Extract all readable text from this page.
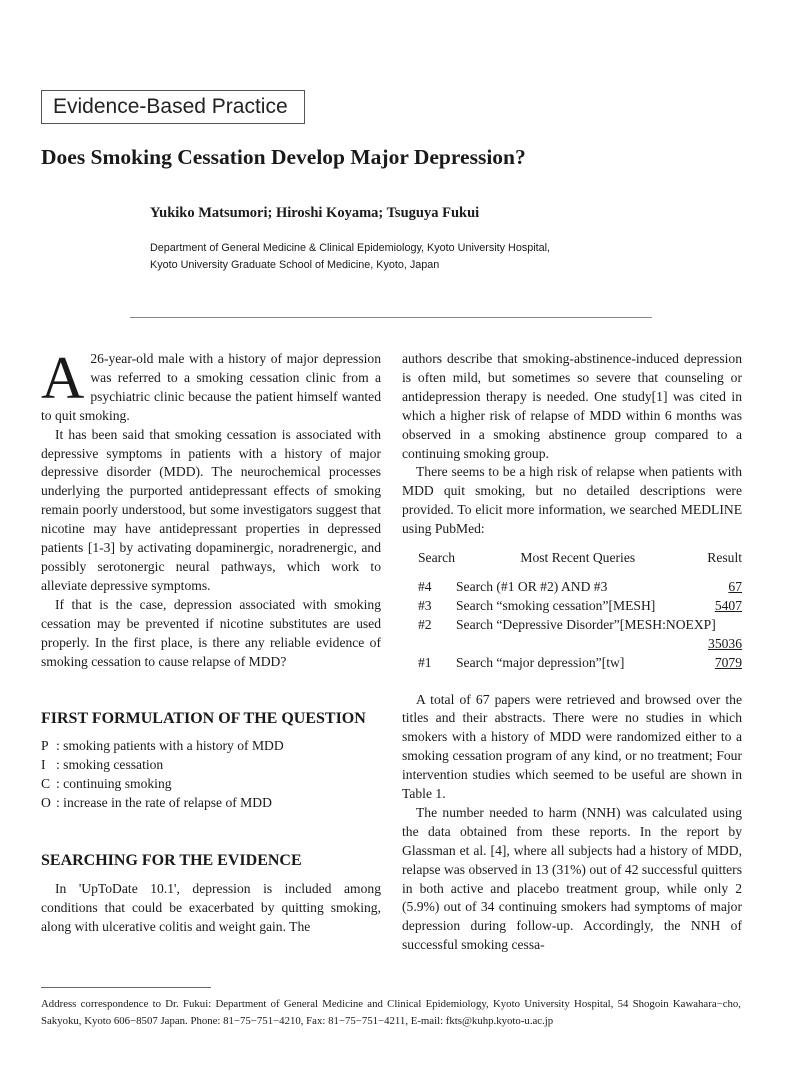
Evidence-Based Practice
Does Smoking Cessation Develop Major Depression?
Yukiko Matsumori; Hiroshi Koyama; Tsuguya Fukui
Department of General Medicine & Clinical Epidemiology, Kyoto University Hospital,
Kyoto University Graduate School of Medicine, Kyoto, Japan

A 26-year-old male with a history of major depression was referred to a smoking cessation clinic from a psychiatric clinic because the patient himself wanted to quit smoking.

It has been said that smoking cessation is associated with depressive symptoms in patients with a history of major depressive disorder (MDD). The neurochemical processes underlying the purported antidepressant effects of smoking remain poorly understood, but some investigators suggest that nicotine may have antidepressant properties in depressed patients [1-3] by activating dopaminergic, noradrenergic, and possibly serotonergic neural pathways, which work to alleviate depressive symptoms.

If that is the case, depression associated with smoking cessation may be prevented if nicotine substitutes are used properly. In the first place, is there any reliable evidence of smoking cessation to cause relapse of MDD?

FIRST FORMULATION OF THE QUESTION
P : smoking patients with a history of MDD
I : smoking cessation
C : continuing smoking
O : increase in the rate of relapse of MDD
SEARCHING FOR THE EVIDENCE

In 'UpToDate 10.1', depression is included among conditions that could be exacerbated by quitting smoking, along with ulcerative colitis and weight gain. The

authors describe that smoking-abstinence-induced depression is often mild, but sometimes so severe that counseling or antidepression therapy is needed. One study[1] was cited in which a higher risk of relapse of MDD within 6 months was observed in a smoking abstinence group compared to a continuing smoking group.

There seems to be a high risk of relapse when patients with MDD quit smoking, but no detailed descriptions were provided. To elicit more information, we searched MEDLINE using PubMed:

Search	Most Recent Queries	Result
#4	Search (#1 OR #2) AND #3	67
#3	Search “smoking cessation”[MESH]	5407
#2	Search “Depressive Disorder”[MESH:NOEXP]	
		35036
#1	Search “major depression”[tw]	7079

A total of 67 papers were retrieved and browsed over the titles and their abstracts. There were no studies in which smokers with a history of MDD were randomized either to a smoking cessation program of any kind, or no treatment; Four intervention studies which seemed to be useful are shown in Table 1.

The number needed to harm (NNH) was calculated using the data obtained from these reports. In the report by Glassman et al. [4], where all subjects had a history of MDD, relapse was observed in 13 (31%) out of 42 successful quitters in both active and placebo treatment group, while only 2 (5.9%) out of 34 continuing smokers had symptoms of major depression during follow-up. Accordingly, the NNH of successful smoking cessa-

Address correspondence to Dr. Fukui: Department of General Medicine and Clinical Epidemiology, Kyoto University Hospital, 54 Shogoin Kawahara−cho, Sakyoku, Kyoto 606−8507 Japan. Phone: 81−75−751−4210, Fax: 81−75−751−4211, E-mail: fkts@kuhp.kyoto-u.ac.jp
